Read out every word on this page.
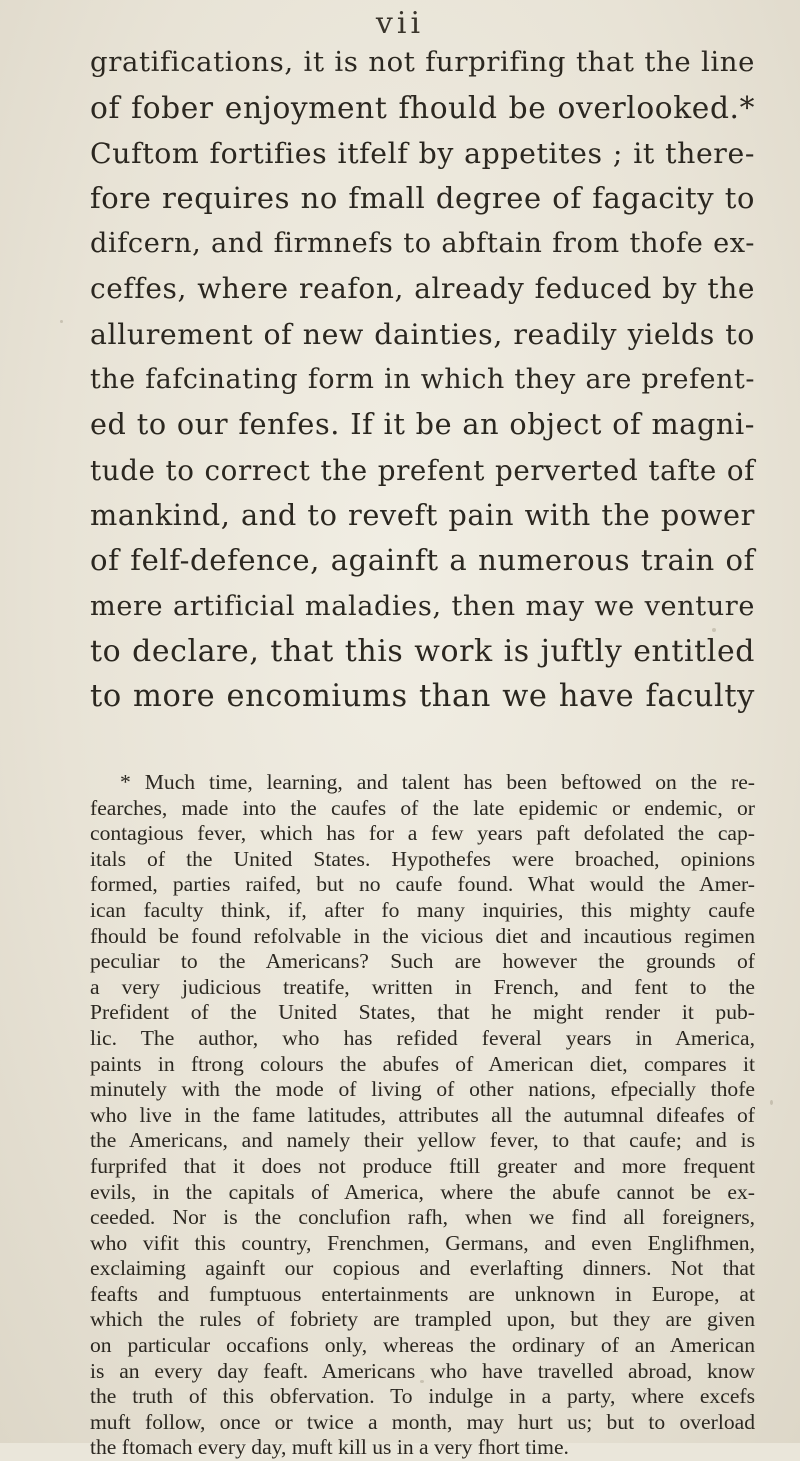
vii

gratifications, it is not furprifing that the line
of fober enjoyment fhould be overlooked.*
Cuftom fortifies itfelf by appetites ; it there-
fore requires no fmall degree of fagacity to
difcern, and firmnefs to abftain from thofe ex-
ceffes, where reafon, already feduced by the
allurement of new dainties, readily yields to
the fafcinating form in which they are prefent-
ed to our fenfes. If it be an object of magni-
tude to correct the prefent perverted tafte of
mankind, and to reveft pain with the power
of felf-defence, againft a numerous train of
mere artificial maladies, then may we venture
to declare, that this work is juftly entitled
to more encomiums than we have faculty

* Much time, learning, and talent has been beftowed on the re-
fearches, made into the caufes of the late epidemic or endemic, or
contagious fever, which has for a few years paft defolated the cap-
itals of the United States. Hypothefes were broached, opinions
formed, parties raifed, but no caufe found. What would the Amer-
ican faculty think, if, after fo many inquiries, this mighty caufe
fhould be found refolvable in the vicious diet and incautious regimen
peculiar to the Americans? Such are however the grounds of
a very judicious treatife, written in French, and fent to the
Prefident of the United States, that he might render it pub-
lic. The author, who has refided feveral years in America,
paints in ftrong colours the abufes of American diet, compares it
minutely with the mode of living of other nations, efpecially thofe
who live in the fame latitudes, attributes all the autumnal difeafes of
the Americans, and namely their yellow fever, to that caufe; and is
furprifed that it does not produce ftill greater and more frequent
evils, in the capitals of America, where the abufe cannot be ex-
ceeded. Nor is the conclufion rafh, when we find all foreigners,
who vifit this country, Frenchmen, Germans, and even Englifhmen,
exclaiming againft our copious and everlafting dinners. Not that
feafts and fumptuous entertainments are unknown in Europe, at
which the rules of fobriety are trampled upon, but they are given
on particular occafions only, whereas the ordinary of an American
is an every day feaft. Americans who have travelled abroad, know
the truth of this obfervation. To indulge in a party, where excefs
muft follow, once or twice a month, may hurt us; but to overload
the ftomach every day, muft kill us in a very fhort time.
